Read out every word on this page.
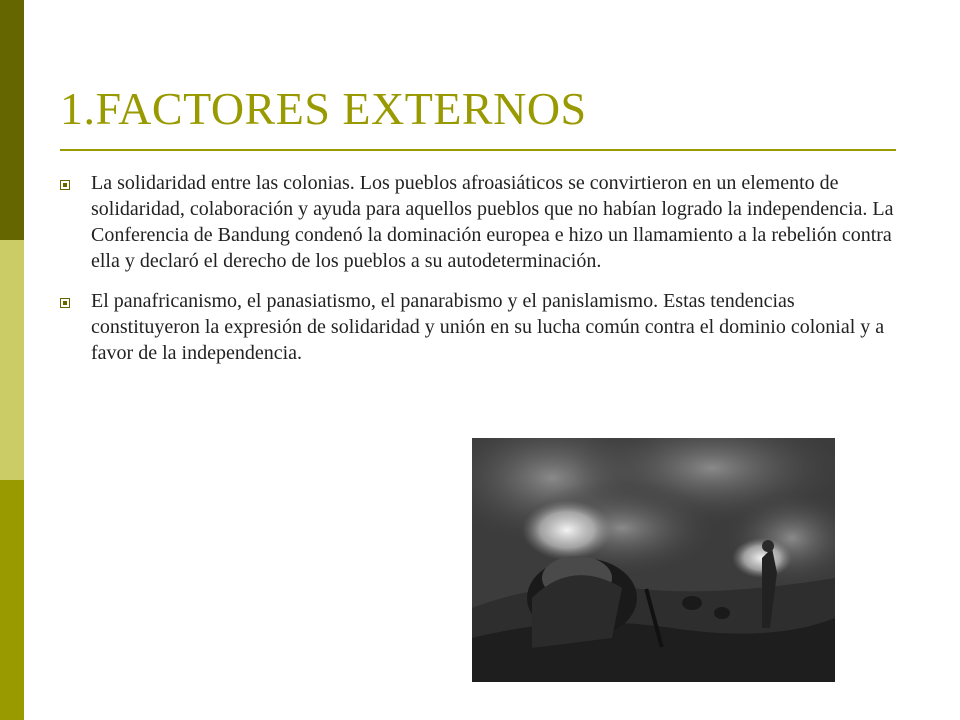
1.FACTORES EXTERNOS

La solidaridad entre las colonias. Los pueblos afroasiáticos se convirtieron en un elemento de solidaridad, colaboración y ayuda para aquellos pueblos que no habían logrado la independencia. La Conferencia de Bandung condenó la dominación europea e hizo un llamamiento a la rebelión contra ella y declaró el derecho de los pueblos a su autodeterminación.

El panafricanismo, el panasiatismo, el panarabismo y el panislamismo. Estas tendencias constituyeron la expresión de solidaridad y unión en su lucha común contra el dominio colonial y a favor de la independencia.
